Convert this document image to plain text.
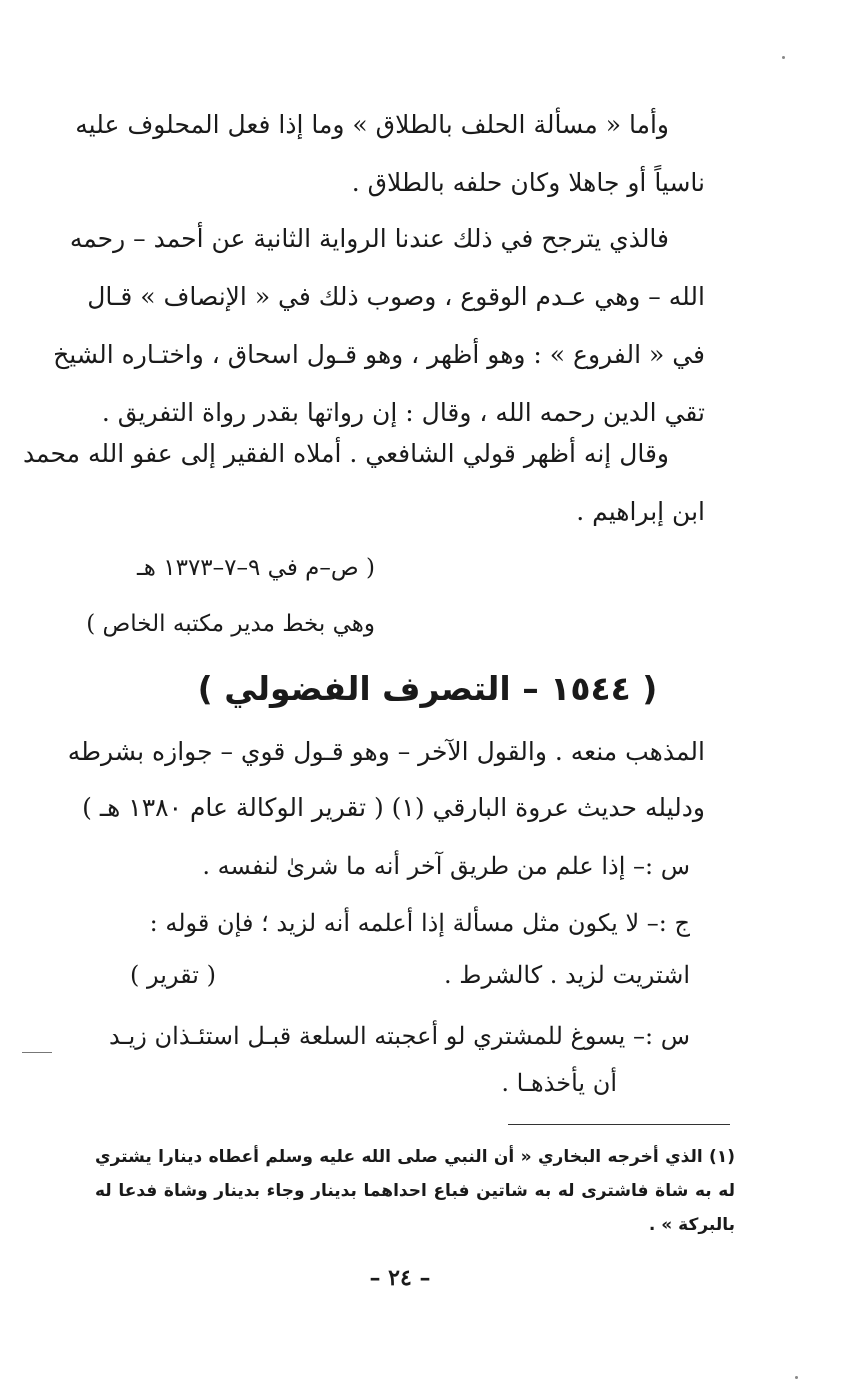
وأما « مسألة الحلف بالطلاق » وما إذا فعل المحلوف عليه
ناسياً أو جاهلا وكان حلفه بالطلاق .
فالذي يترجح في ذلك عندنا الرواية الثانية عن أحمد – رحمه
الله – وهي عـدم الوقوع ، وصوب ذلك في « الإنصاف » قـال
في « الفروع » : وهو أظهر ، وهو قـول اسحاق ، واختـاره الشيخ
تقي الدين رحمه الله ، وقال : إن رواتها بقدر رواة التفريق .
وقال إنه أظهر قولي الشافعي . أملاه الفقير إلى عفو الله محمد
ابن إبراهيم .
( ص–م في ٩–٧–١٣٧٣ هـ
وهي بخط مدير مكتبه الخاص )
( ١٥٤٤ – التصرف الفضولي )
المذهب منعه . والقول الآخر – وهو قـول قوي – جوازه بشرطه
ودليله حديث عروة البارقي (١) ( تقرير الوكالة عام ١٣٨٠ هـ )
س :– إذا علم من طريق آخر أنه ما شرىٰ لنفسه .
ج :– لا يكون مثل مسألة إذا أعلمه أنه لزيد ؛ فإن قوله :
اشتريت لزيد . كالشرط .
( تقرير )
س :– يسوغ للمشتري لو أعجبته السلعة قبـل استئـذان زيـد
أن يأخذهـا .
(١) الذي أخرجه البخاري « أن النبي صلى الله عليه وسلم أعطاه دينارا يشتري له به شاة فاشترى له به شاتين فباع احداهما بدينار وجاء بدينار وشاة فدعا له بالبركة » .
– ٢٤ –
